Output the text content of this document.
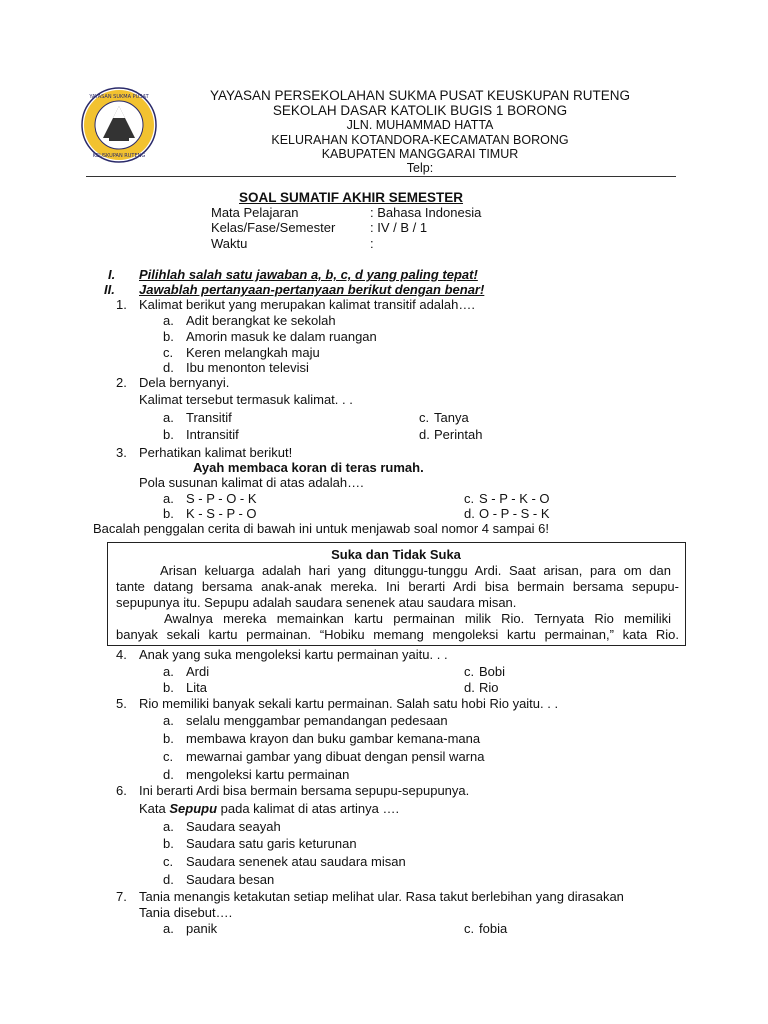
YAYASAN SUKMA PUSAT
KEUSKUPAN RUTENG
YAYASAN PERSEKOLAHAN SUKMA PUSAT KEUSKUPAN RUTENG
SEKOLAH DASAR KATOLIK BUGIS 1 BORONG
JLN. MUHAMMAD HATTA
KELURAHAN KOTANDORA-KECAMATAN BORONG
KABUPATEN MANGGARAI TIMUR
Telp:
SOAL SUMATIF AKHIR SEMESTER
Mata Pelajaran	: Bahasa Indonesia
Kelas/Fase/Semester	: IV / B / 1
Waktu	:
I. Pilihlah salah satu jawaban a, b, c, d yang paling tepat!
II. Jawablah pertanyaan-pertanyaan berikut dengan benar!
1. Kalimat berikut yang merupakan kalimat transitif adalah….
a. Adit berangkat ke sekolah
b. Amorin masuk ke dalam ruangan
c. Keren melangkah maju
d. Ibu menonton televisi
2. Dela bernyanyi.
Kalimat tersebut termasuk kalimat. . .
a. Transitif
b. Intransitif
c. Tanya
d. Perintah
3. Perhatikan kalimat berikut!
Ayah membaca koran di teras rumah.
Pola susunan kalimat di atas adalah….
a. S - P - O - K
b. K - S - P - O
c. S - P - K - O
d. O - P - S - K
Bacalah penggalan cerita di bawah ini untuk menjawab soal nomor 4 sampai 6!
Suka dan Tidak Suka
Arisan keluarga adalah hari yang ditunggu-tunggu Ardi. Saat arisan, para om dan
tante datang bersama anak-anak mereka. Ini berarti Ardi bisa bermain bersama sepupu-
sepupunya itu. Sepupu adalah saudara senenek atau saudara misan.
Awalnya mereka memainkan kartu permainan milik Rio. Ternyata Rio memiliki
banyak sekali kartu permainan. “Hobiku memang mengoleksi kartu permainan,” kata Rio.
4. Anak yang suka mengoleksi kartu permainan yaitu. . .
a. Ardi
b. Lita
c. Bobi
d. Rio
5. Rio memiliki banyak sekali kartu permainan. Salah satu hobi Rio yaitu. . .
a. selalu menggambar pemandangan pedesaan
b. membawa krayon dan buku gambar kemana-mana
c. mewarnai gambar yang dibuat dengan pensil warna
d. mengoleksi kartu permainan
6. Ini berarti Ardi bisa bermain bersama sepupu-sepupunya.
Kata Sepupu pada kalimat di atas artinya ….
a. Saudara seayah
b. Saudara satu garis keturunan
c. Saudara senenek atau saudara misan
d. Saudara besan
7. Tania menangis ketakutan setiap melihat ular. Rasa takut berlebihan yang dirasakan
Tania disebut….
a. panik	c. fobia
